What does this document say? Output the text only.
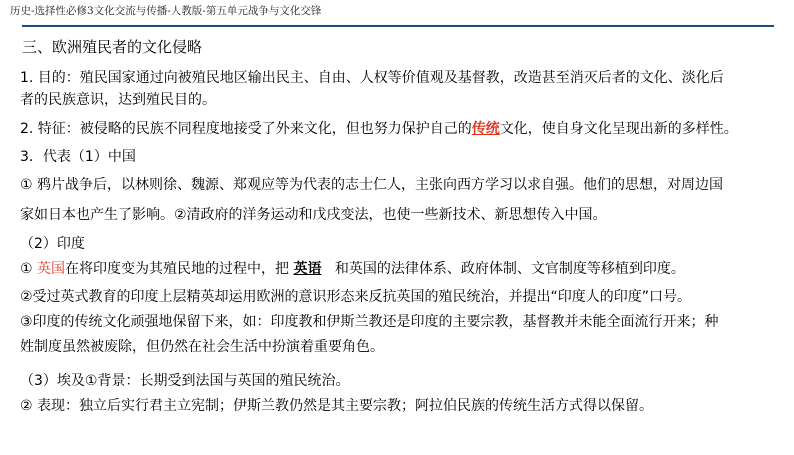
历史-选择性必修3文化交流与传播-人教版-第五单元战争与文化交锋
三、欧洲殖民者的文化侵略
1. 目的：殖民国家通过向被殖民地区输出民主、自由、人权等价值观及基督教，改造甚至消灭后者的文化、淡化后
者的民族意识，达到殖民目的。
2. 特征：被侵略的民族不同程度地接受了外来文化，但也努力保护自己的传统文化，使自身文化呈现出新的多样性。
3．代表（1）中国
① 鸦片战争后，以林则徐、魏源、郑观应等为代表的志士仁人，主张向西方学习以求自强。他们的思想，对周边国
家如日本也产生了影响。②清政府的洋务运动和戊戌变法，也使一些新技术、新思想传入中国。
（2）印度
① 英国在将印度变为其殖民地的过程中，把 英语   和英国的法律体系、政府体制、文官制度等移植到印度。
②受过英式教育的印度上层精英却运用欧洲的意识形态来反抗英国的殖民统治，并提出“印度人的印度”口号。
③印度的传统文化顽强地保留下来，如：印度教和伊斯兰教还是印度的主要宗教，基督教并未能全面流行开来；种
姓制度虽然被废除，但仍然在社会生活中扮演着重要角色。
（3）埃及①背景：长期受到法国与英国的殖民统治。
② 表现：独立后实行君主立宪制；伊斯兰教仍然是其主要宗教；阿拉伯民族的传统生活方式得以保留。
